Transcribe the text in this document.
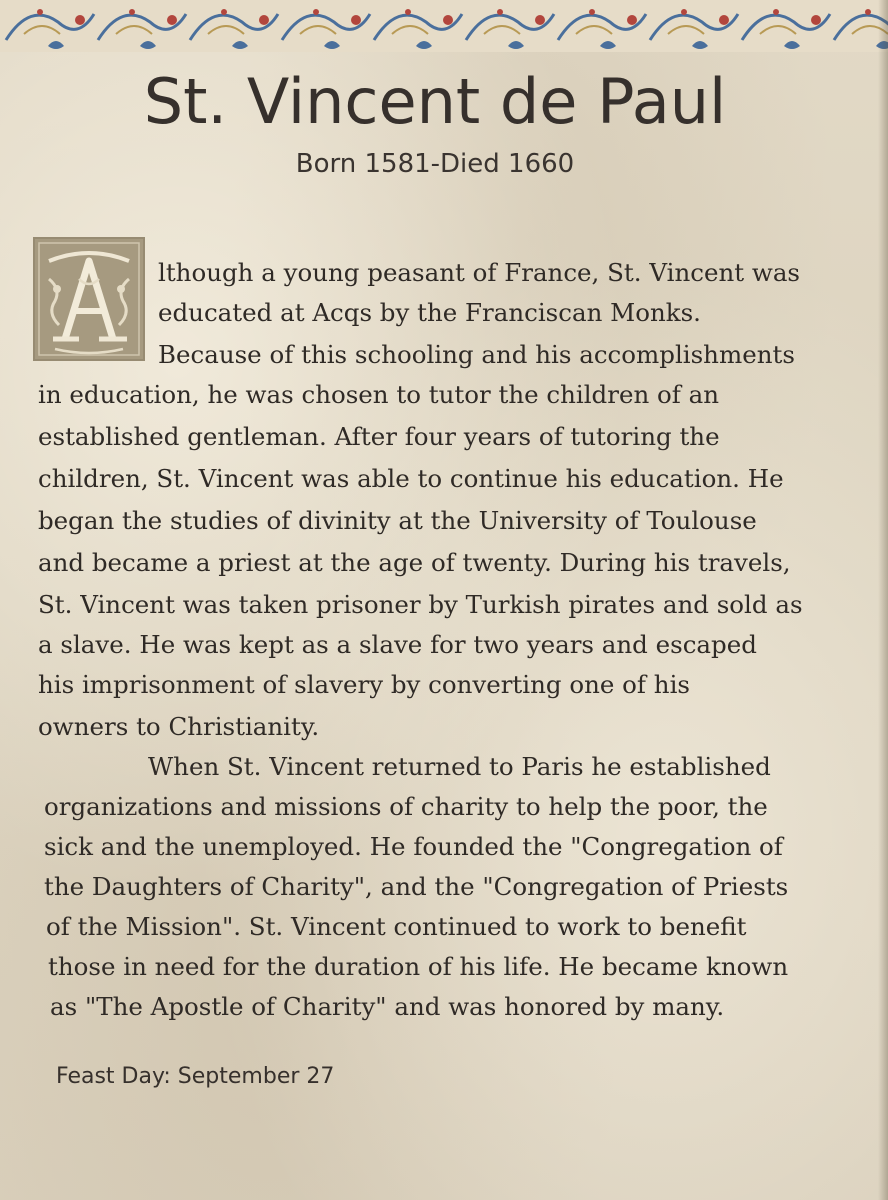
St. Vincent de Paul
Born 1581-Died 1660
lthough a young peasant of France, St. Vincent was
educated at Acqs by the Franciscan Monks.
Because of this schooling and his accomplishments
in education, he was chosen to tutor the children of an
established gentleman. After four years of tutoring the
children, St. Vincent was able to continue his education. He
began the studies of divinity at the University of Toulouse
and became a priest at the age of twenty. During his travels,
St. Vincent was taken prisoner by Turkish pirates and sold as
a slave. He was kept as a slave for two years and escaped
his imprisonment of slavery by converting one of his
owners to Christianity.
When St. Vincent returned to Paris he established
organizations and missions of charity to help the poor, the
sick and the unemployed. He founded the "Congregation of
the Daughters of Charity", and the "Congregation of Priests
of the Mission". St. Vincent continued to work to benefit
those in need for the duration of his life. He became known
as "The Apostle of Charity" and was honored by many.
Feast Day: September 27
